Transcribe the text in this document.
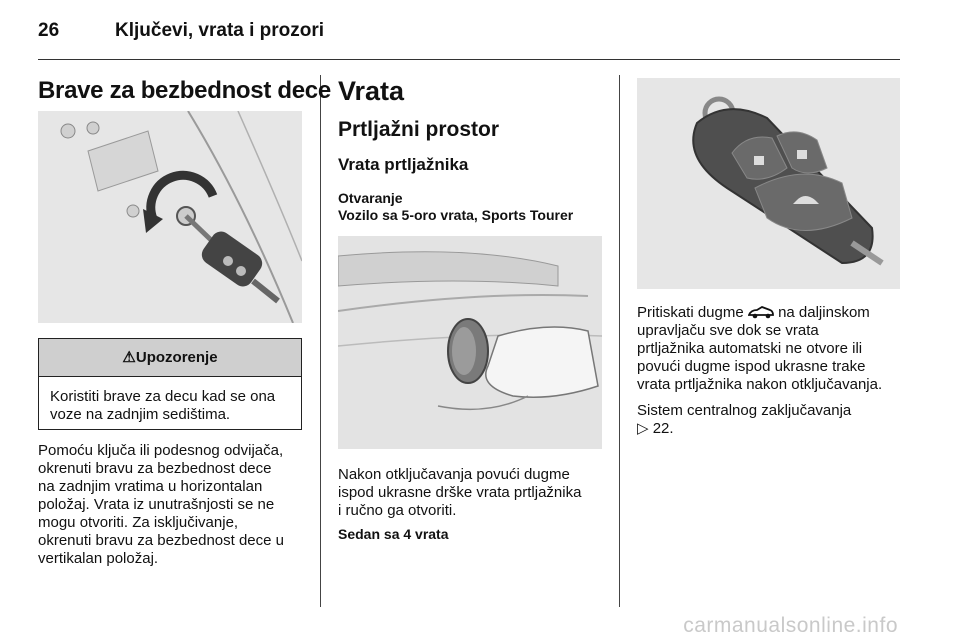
26	Ključevi, vrata i prozori
Brave za bezbednost dece
⚠Upozorenje
Koristiti brave za decu kad se ona voze na zadnjim sedištima.
Pomoću ključa ili podesnog odvijača,
okrenuti bravu za bezbednost dece
na zadnjim vratima u horizontalan
položaj. Vrata iz unutrašnjosti se ne
mogu otvoriti. Za isključivanje,
okrenuti bravu za bezbednost dece u
vertikalan položaj.
Vrata
Prtljažni prostor
Vrata prtljažnika
Otvaranje
Vozilo sa 5-oro vrata, Sports Tourer
Nakon otključavanja povući dugme
ispod ukrasne drške vrata prtljažnika
i ručno ga otvoriti.
Sedan sa 4 vrata
Pritiskati dugme na daljinskom
upravljaču sve dok se vrata
prtljažnika automatski ne otvore ili
povući dugme ispod ukrasne trake
vrata prtljažnika nakon otključavanja.
Sistem centralnog zaključavanja
▷ 22.
carmanualsonline.info
